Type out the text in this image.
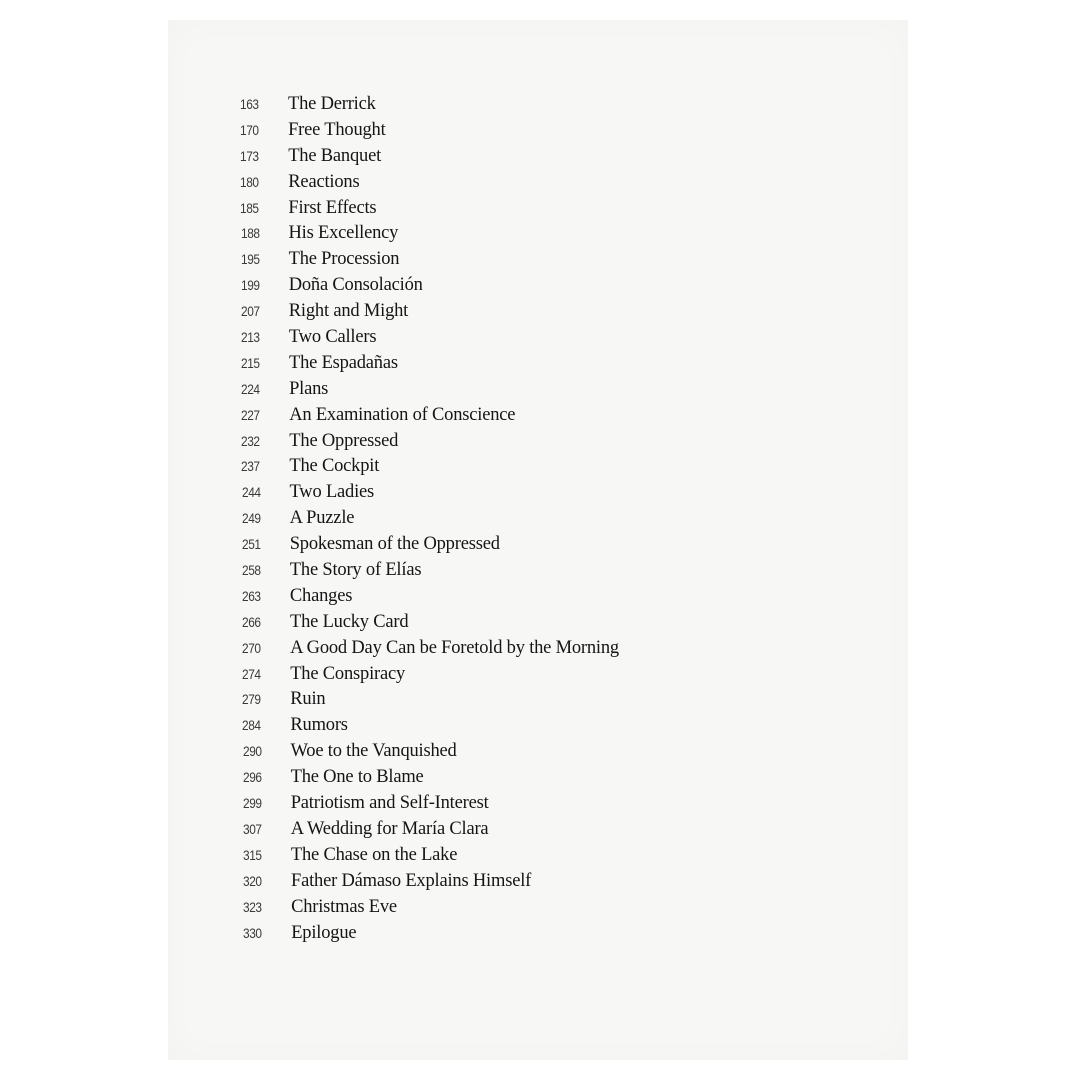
163	The Derrick
170	Free Thought
173	The Banquet
180	Reactions
185	First Effects
188	His Excellency
195	The Procession
199	Doña Consolación
207	Right and Might
213	Two Callers
215	The Espadañas
224	Plans
227	An Examination of Conscience
232	The Oppressed
237	The Cockpit
244	Two Ladies
249	A Puzzle
251	Spokesman of the Oppressed
258	The Story of Elías
263	Changes
266	The Lucky Card
270	A Good Day Can be Foretold by the Morning
274	The Conspiracy
279	Ruin
284	Rumors
290	Woe to the Vanquished
296	The One to Blame
299	Patriotism and Self-Interest
307	A Wedding for María Clara
315	The Chase on the Lake
320	Father Dámaso Explains Himself
323	Christmas Eve
330	Epilogue
